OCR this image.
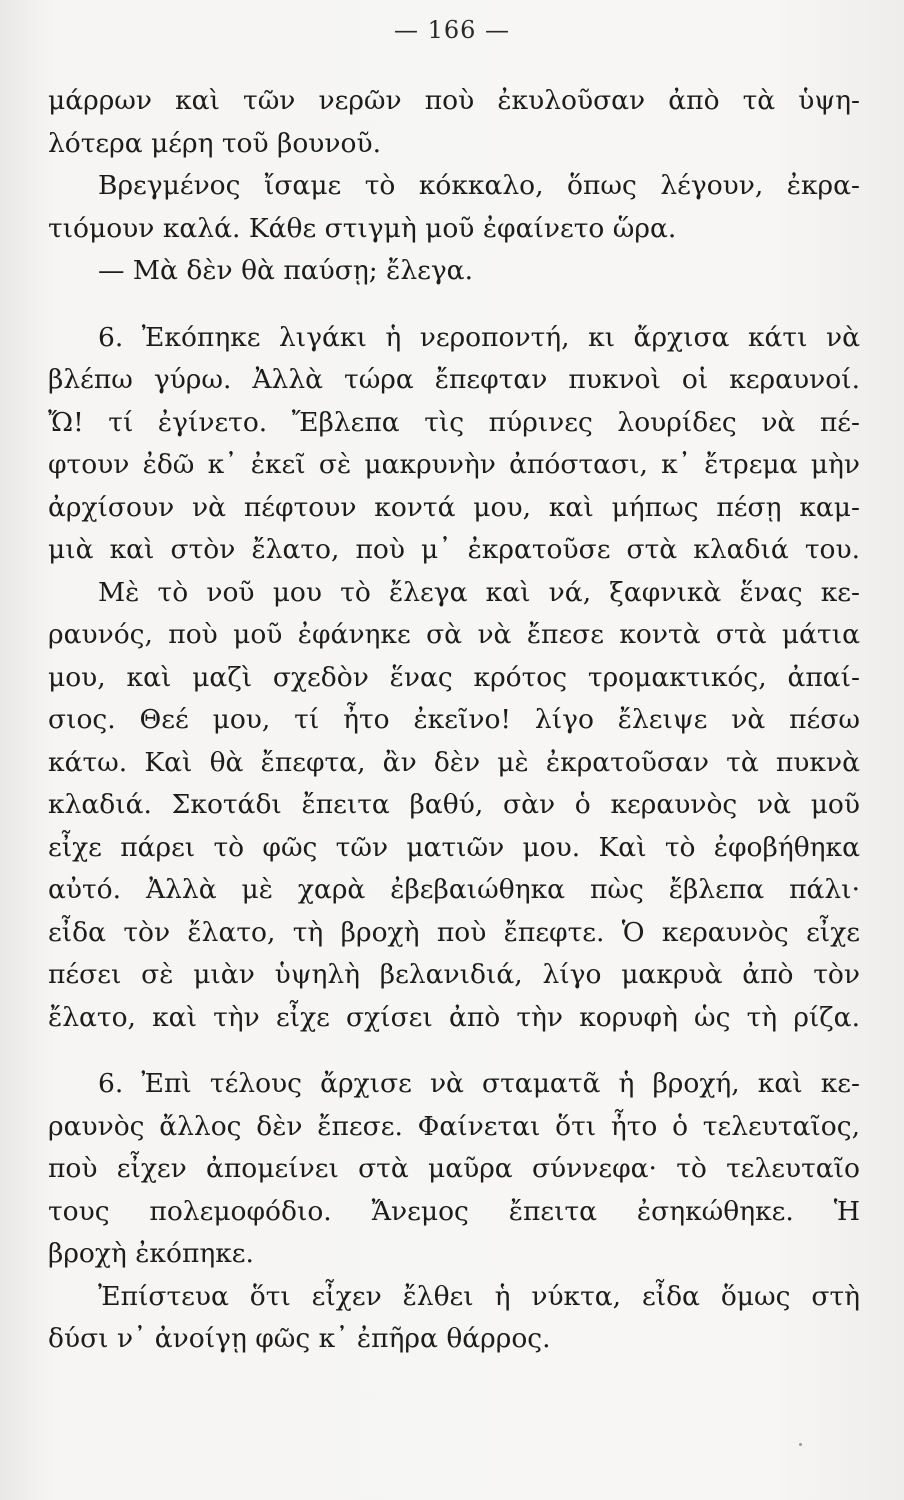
— 166 —
μάρρων καὶ τῶν νερῶν ποὺ ἐκυλοῦσαν ἀπὸ τὰ ὑψη-
λότερα μέρη τοῦ βουνοῦ.
Βρεγμένος ἴσαμε τὸ κόκκαλο, ὅπως λέγουν, ἐκρα-
τιόμουν καλά. Κάθε στιγμὴ μοῦ ἐφαίνετο ὥρα.
— Μὰ δὲν θὰ παύσῃ; ἔλεγα.
6. Ἐκόπηκε λιγάκι ἡ νεροποντή, κι ἄρχισα κάτι νὰ
βλέπω γύρω. Ἀλλὰ τώρα ἔπεφταν πυκνοὶ οἱ κεραυνοί.
Ὤ! τί ἐγίνετο. Ἔβλεπα τὶς πύρινες λουρίδες νὰ πέ-
φτουν ἐδῶ κ᾽ ἐκεῖ σὲ μακρυνὴν ἀπόστασι, κ᾽ ἔτρεμα μὴν
ἀρχίσουν νὰ πέφτουν κοντά μου, καὶ μήπως πέσῃ καμ-
μιὰ καὶ στὸν ἔλατο, ποὺ μ᾽ ἐκρατοῦσε στὰ κλαδιά του.
Μὲ τὸ νοῦ μου τὸ ἔλεγα καὶ νά, ξαφνικὰ ἕνας κε-
ραυνός, ποὺ μοῦ ἐφάνηκε σὰ νὰ ἔπεσε κοντὰ στὰ μάτια
μου, καὶ μαζὶ σχεδὸν ἕνας κρότος τρομακτικός, ἀπαί-
σιος. Θεέ μου, τί ἦτο ἐκεῖνο! λίγο ἔλειψε νὰ πέσω
κάτω. Καὶ θὰ ἔπεφτα, ἂν δὲν μὲ ἐκρατοῦσαν τὰ πυκνὰ
κλαδιά. Σκοτάδι ἔπειτα βαθύ, σὰν ὁ κεραυνὸς νὰ μοῦ
εἶχε πάρει τὸ φῶς τῶν ματιῶν μου. Καὶ τὸ ἐφοβήθηκα
αὐτό. Ἀλλὰ μὲ χαρὰ ἐβεβαιώθηκα πὼς ἔβλεπα πάλι·
εἶδα τὸν ἔλατο, τὴ βροχὴ ποὺ ἔπεφτε. Ὁ κεραυνὸς εἶχε
πέσει σὲ μιὰν ὑψηλὴ βελανιδιά, λίγο μακρυὰ ἀπὸ τὸν
ἔλατο, καὶ τὴν εἶχε σχίσει ἀπὸ τὴν κορυφὴ ὡς τὴ ρίζα.
6. Ἐπὶ τέλους ἄρχισε νὰ σταματᾶ ἡ βροχή, καὶ κε-
ραυνὸς ἄλλος δὲν ἔπεσε. Φαίνεται ὅτι ἦτο ὁ τελευταῖος,
ποὺ εἶχεν ἀπομείνει στὰ μαῦρα σύννεφα· τὸ τελευταῖο
τους πολεμοφόδιο. Ἄνεμος ἔπειτα ἐσηκώθηκε. Ἡ
βροχὴ ἐκόπηκε.
Ἐπίστευα ὅτι εἶχεν ἔλθει ἡ νύκτα, εἶδα ὅμως στὴ
δύσι ν᾽ ἀνοίγῃ φῶς κ᾽ ἐπῆρα θάρρος.
